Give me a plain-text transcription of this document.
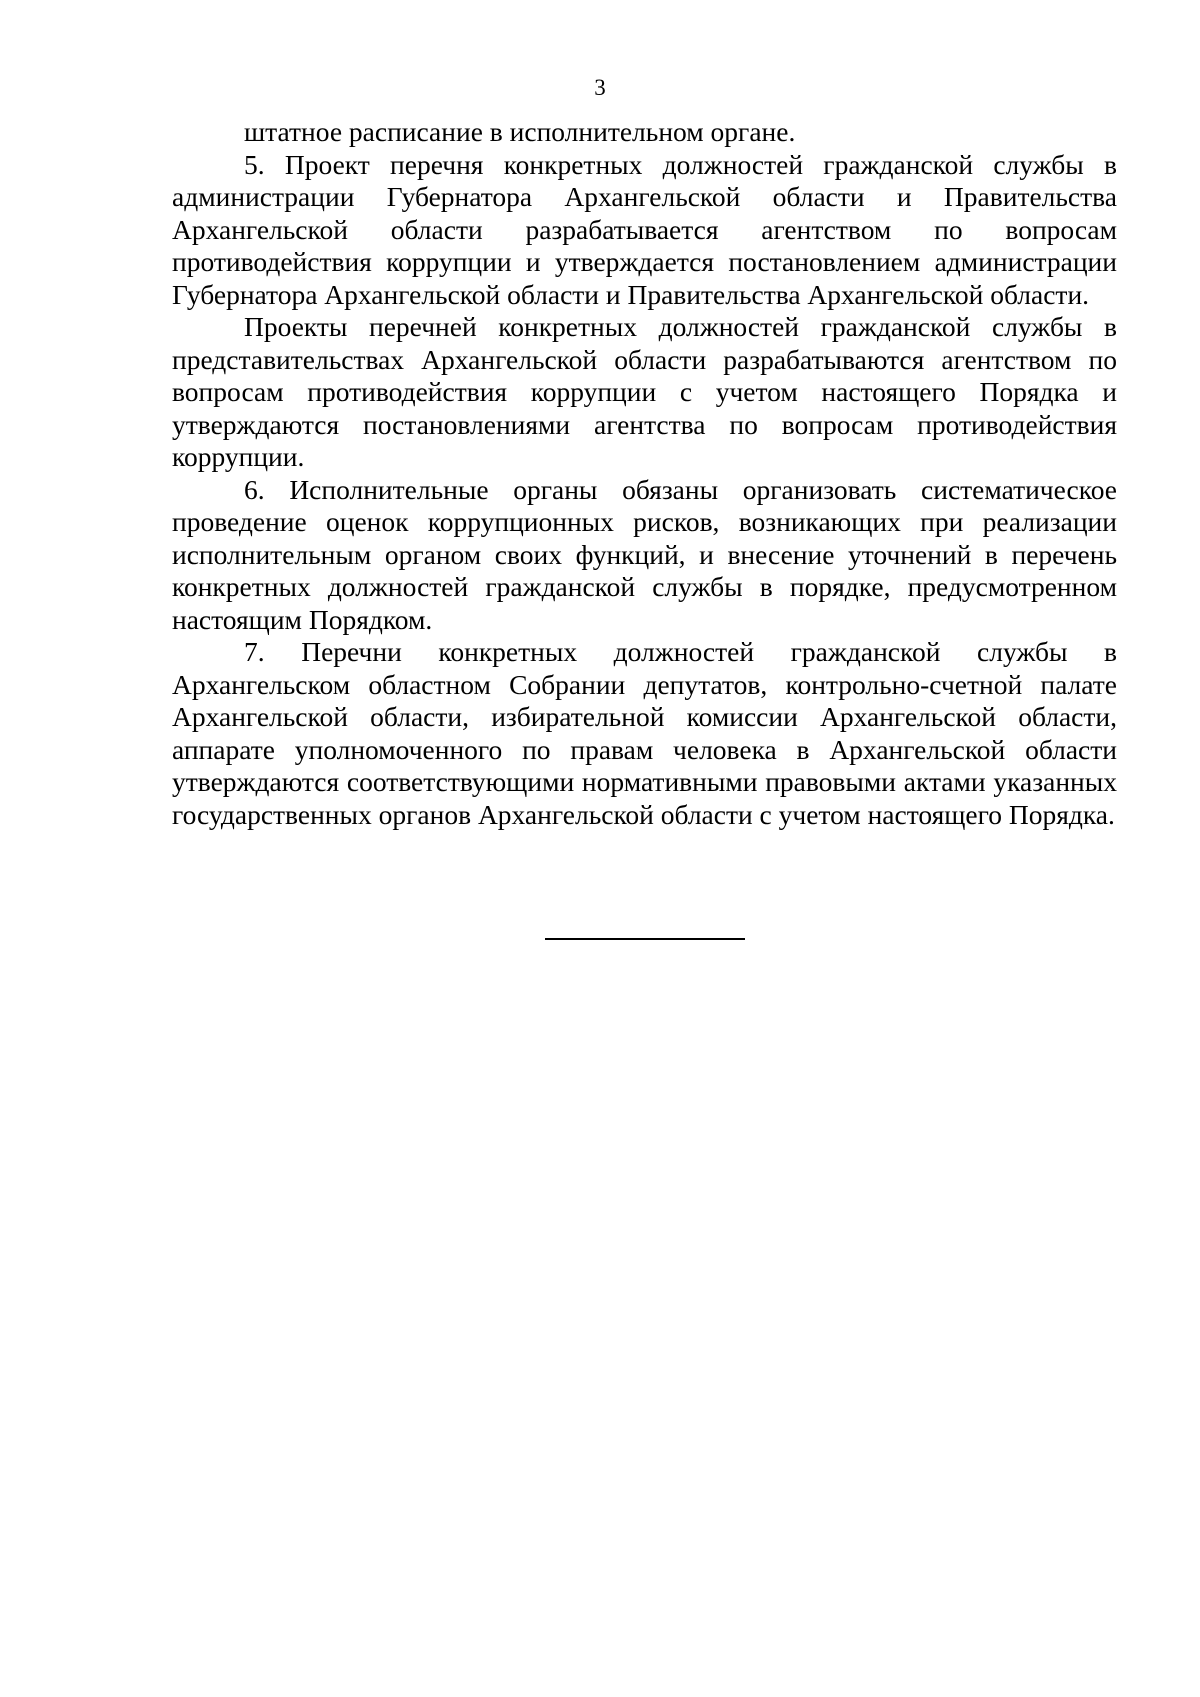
3

штатное расписание в исполнительном органе.

5. Проект перечня конкретных должностей гражданской службы в администрации Губернатора Архангельской области и Правительства Архангельской области разрабатывается агентством по вопросам противодействия коррупции и утверждается постановлением администрации Губернатора Архангельской области и Правительства Архангельской области.

Проекты перечней конкретных должностей гражданской службы в представительствах Архангельской области разрабатываются агентством по вопросам противодействия коррупции с учетом настоящего Порядка и утверждаются постановлениями агентства по вопросам противодействия коррупции.

6. Исполнительные органы обязаны организовать систематическое проведение оценок коррупционных рисков, возникающих при реализации исполнительным органом своих функций, и внесение уточнений в перечень конкретных должностей гражданской службы в порядке, предусмотренном настоящим Порядком.

7. Перечни конкретных должностей гражданской службы в Архангельском областном Собрании депутатов, контрольно-счетной палате Архангельской области, избирательной комиссии Архангельской области, аппарате уполномоченного по правам человека в Архангельской области утверждаются соответствующими нормативными правовыми актами указанных государственных органов Архангельской области с учетом настоящего Порядка.
